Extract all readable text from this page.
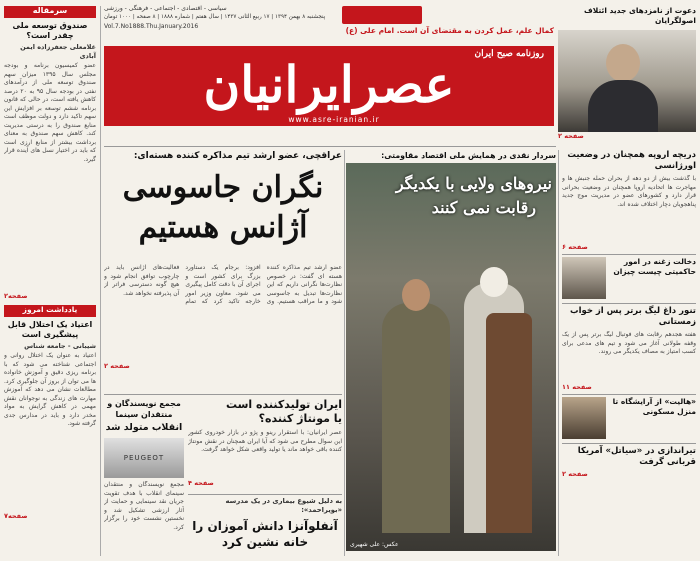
سرمقاله
صندوق توسعه ملی چقدر است؟
غلامعلی جعفرزاده ایمن آبادی
عضو کمیسیون برنامه و بودجه مجلس سال ۱۳۹۵ میزان سهم صندوق توسعه ملی از درآمدهای نفتی در بودجه سال ۹۵ به ۲۰ درصد کاهش یافته است، در حالی که قانون برنامه ششم توسعه بر افزایش این سهم تاکید دارد و دولت موظف است منابع صندوق را به درستی مدیریت کند. کاهش سهم صندوق به معنای برداشت بیشتر از منابع ارزی است که باید در اختیار نسل های آینده قرار گیرد.
صفحه۲
یادداشت امروز
اعتیاد یک اختلال قابل پیشگیری است
شیبانی - جامعه شناس
اعتیاد به عنوان یک اختلال روانی و اجتماعی شناخته می شود که با برنامه ریزی دقیق و آموزش خانواده ها می توان از بروز آن جلوگیری کرد. مطالعات نشان می دهد که آموزش مهارت های زندگی به نوجوانان نقش مهمی در کاهش گرایش به مواد مخدر دارد و باید در مدارس جدی گرفته شود.
صفحه۷
سیاسی - اقتصادی - اجتماعی - فرهنگی - ورزشی
پنجشنبه ۸ بهمن ۱۳۹۴ | ۱۷ ربیع الثانی ۱۴۳۷ | سال هفتم | شماره ۱۸۸۸ | ۸ صفحه | ۱۰۰۰ تومان
Vol.7.No1888.Thu.January.2016	کمال علم، عمل کردن به مقتضای آن است. امام علی (ع)
روزنامه صبح ایران
عصرایرانیان
www.asre-iranian.ir
دعوت از نامزدهای جدید ائتلاف اصولگرایان
صفحه ۲
عراقچی، عضو ارشد تیم مذاکره کننده هسته‌ای:
نگران جاسوسی
آژانس هستیم
عضو ارشد تیم مذاکره کننده هسته ای گفت: در خصوص نظارت‌ها نگرانی داریم که این نظارت‌ها تبدیل به جاسوسی شود و ما مراقب هستیم. وی افزود: برجام یک دستاورد بزرگ برای کشور است و اجرای آن با دقت کامل پیگیری می شود. معاون وزیر امور خارجه تاکید کرد که تمام فعالیت‌های آژانس باید در چارچوب توافق انجام شود و هیچ گونه دسترسی فراتر از آن پذیرفته نخواهد شد.
صفحه ۲
سردار نقدی در همایش ملی اقتصاد مقاومتی:
نیروهای ولایی با یکدیگر
رقابت نمی کنند
عکس: علی شهیری
ایران تولیدکننده است
یا مونتاژ کننده؟
عصر ایرانیان: با استقرار رینو و پژو در بازار خودروی کشور این سوال مطرح می شود که آیا ایران همچنان در نقش مونتاژ کننده باقی خواهد ماند یا تولید واقعی شکل خواهد گرفت.
صفحه ۴
مجمع نویسندگان و منتقدان سینما
انقلاب متولد شد
PEUGEOT
مجمع نویسندگان و منتقدان سینمای انقلاب با هدف تقویت جریان نقد سینمایی و حمایت از آثار ارزشی تشکیل شد و نخستین نشست خود را برگزار کرد.
به دلیل شیوع بیماری در یک مدرسه «بویراحمد»:
آنفلوآنزا دانش آموزان را
خانه نشین کرد
دریچه اروپه همچنان در وضعیت اورژانسی
با گذشت بیش از دو دهه از بحران حمله جنبش ها و مهاجرت ها اتحادیه اروپا همچنان در وضعیت بحرانی قرار دارد و کشورهای عضو در مدیریت موج جدید پناهجویان دچار اختلاف شده اند.
صفحه ۶
دخالت زغنه در امور حاکمیتی چیست چیزان
تنور داغ لیگ برتر پس از خواب زمستانی
هفته هجدهم رقابت های فوتبال لیگ برتر پس از یک وقفه طولانی آغاز می شود و تیم های مدعی برای کسب امتیاز به مصاف یکدیگر می روند.
صفحه ۱۱
«هالیت» از آرایشگاه تا منزل مسکونی
تیراندازی در «سیاتل» آمریکا قربانی گرفت
صفحه ۲
